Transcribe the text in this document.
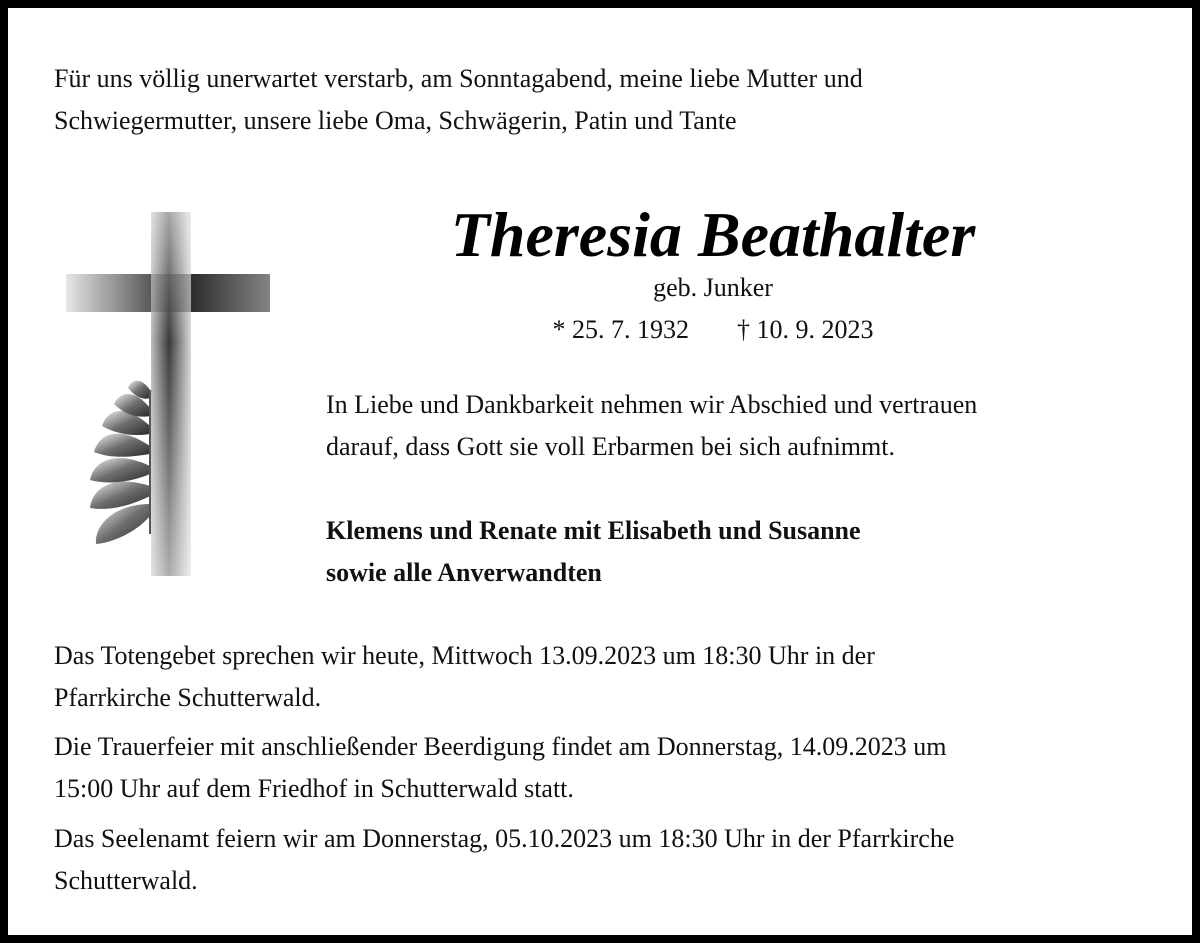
Für uns völlig unerwartet verstarb, am Sonntagabend, meine liebe Mutter und
Schwiegermutter, unsere liebe Oma, Schwägerin, Patin und Tante
Theresia Beathalter
geb. Junker
* 25. 7. 1932 † 10. 9. 2023
In Liebe und Dankbarkeit nehmen wir Abschied und vertrauen
darauf, dass Gott sie voll Erbarmen bei sich aufnimmt.
Klemens und Renate mit Elisabeth und Susanne
sowie alle Anverwandten
Das Totengebet sprechen wir heute, Mittwoch 13.09.2023 um 18:30 Uhr in der
Pfarrkirche Schutterwald.
Die Trauerfeier mit anschließender Beerdigung findet am Donnerstag, 14.09.2023 um
15:00 Uhr auf dem Friedhof in Schutterwald statt.
Das Seelenamt feiern wir am Donnerstag, 05.10.2023 um 18:30 Uhr in der Pfarrkirche
Schutterwald.
